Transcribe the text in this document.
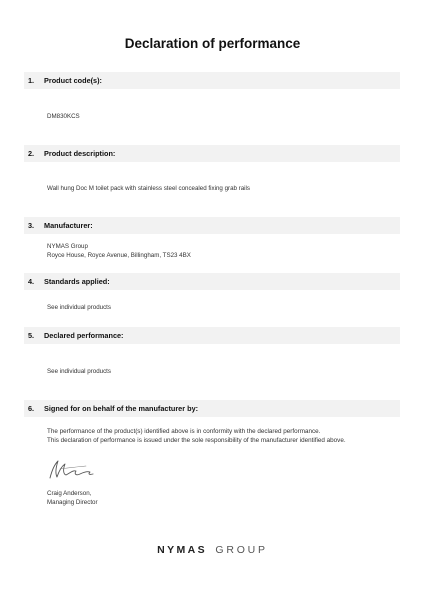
Declaration of performance
1.	Product code(s):
DM830KCS
2.	Product description:
Wall hung Doc M toilet pack with stainless steel concealed fixing grab rails
3.	Manufacturer:
NYMAS Group
Royce House, Royce Avenue, Billingham, TS23 4BX
4.	Standards applied:
See individual products
5.	Declared performance:
See individual products
6.	Signed for on behalf of the manufacturer by:
The performance of the product(s) identified above is in conformity with the declared performance.
This declaration of performance is issued under the sole responsibility of the manufacturer identified above.
Craig Anderson,
Managing Director
NYMAS GROUP
